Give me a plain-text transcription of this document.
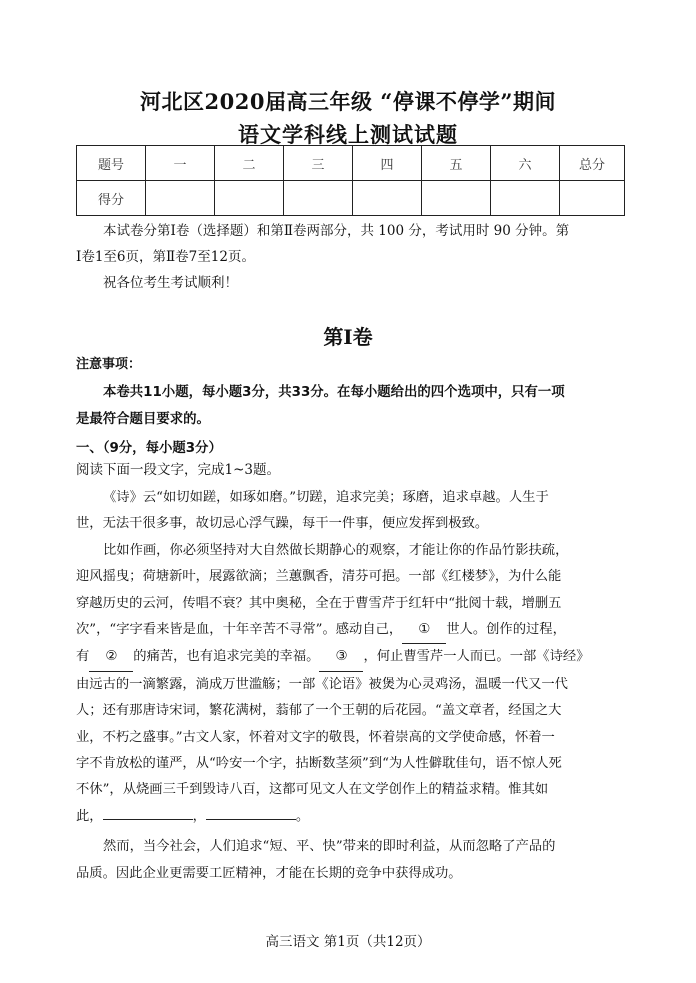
河北区2020届高三年级 “停课不停学”期间
语文学科线上测试试题
题号	一	二	三	四	五	六	总分
得分							
本试卷分第Ⅰ卷（选择题）和第Ⅱ卷两部分，共 100 分，考试用时 90 分钟。第
Ⅰ卷1至6页，第Ⅱ卷7至12页。
祝各位考生考试顺利！
第Ⅰ卷
注意事项：
本卷共11小题，每小题3分，共33分。在每小题给出的四个选项中，只有一项
是最符合题目要求的。
一、（9分，每小题3分）
阅读下面一段文字，完成1~3题。
《诗》云“如切如蹉，如琢如磨。”切蹉，追求完美；琢磨，追求卓越。人生于
世，无法干很多事，故切忌心浮气躁，每干一件事，便应发挥到极致。
比如作画，你必须坚持对大自然做长期静心的观察，才能让你的作品竹影扶疏，
迎风摇曳；荷塘新叶，展露欲滴；兰蕙飘香，清芬可挹。一部《红楼梦》，为什么能
穿越历史的云河，传唱不衰？其中奥秘，全在于曹雪芹于红轩中“批阅十载，增删五
次”，“字字看来皆是血，十年辛苦不寻常”。感动自己， ① 世人。创作的过程，
有 ② 的痛苦，也有追求完美的幸福。 ③ ，何止曹雪芹一人而已。一部《诗经》
由远古的一滴繁露，淌成万世滥觞；一部《论语》被煲为心灵鸡汤，温暖一代又一代
人；还有那唐诗宋词，繁花满树，蓊郁了一个王朝的后花园。“盖文章者，经国之大
业，不朽之盛事。”古文人家，怀着对文字的敬畏，怀着崇高的文学使命感，怀着一
字不肯放松的谨严，从“吟安一个字，拈断数茎须”到“为人性僻耽佳句，语不惊人死
不休”，从烧画三千到毁诗八百，这都可见文人在文学创作上的精益求精。惟其如
此，	，	。
然而，当今社会，人们追求“短、平、快”带来的即时利益，从而忽略了产品的
品质。因此企业更需要工匠精神，才能在长期的竞争中获得成功。
高三语文 第1页（共12页）
